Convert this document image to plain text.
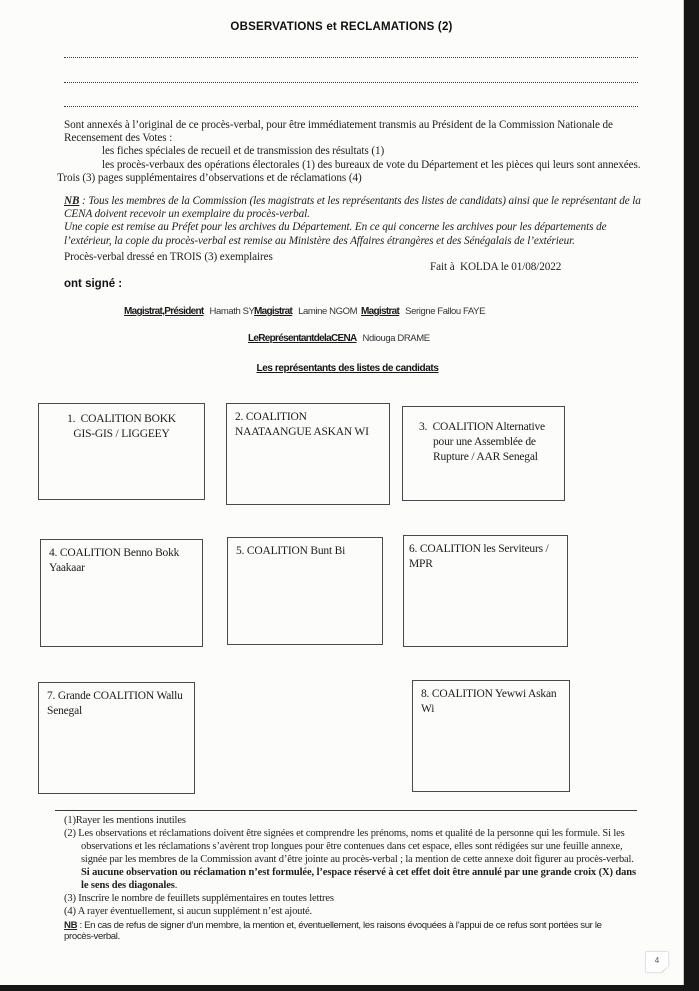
OBSERVATIONS et RECLAMATIONS (2)
Sont annexés à l’original de ce procès-verbal, pour être immédiatement transmis au Président de la Commission Nationale de Recensement des Votes :
les fiches spéciales de recueil et de transmission des résultats (1)
les procès-verbaux des opérations électorales (1) des bureaux de vote du Département et les pièces qui leurs sont annexées.
Trois (3) pages supplémentaires d’observations et de réclamations (4)
NB : Tous les membres de la Commission (les magistrats et les représentants des listes de candidats) ainsi que le représentant de la CENA doivent recevoir un exemplaire du procès-verbal.
Une copie est remise au Préfet pour les archives du Département. En ce qui concerne les archives pour les départements de l’extérieur, la copie du procès-verbal est remise au Ministère des Affaires étrangères et des Sénégalais de l’extérieur.
Procès-verbal dressé en TROIS (3) exemplaires
Fait à  KOLDA le 01/08/2022
ont signé :
Magistrat,Président Hamath SY Magistrat Lamine NGOM Magistrat Serigne Fallou FAYE
LeReprésentantdelaCENA Ndiouga DRAME
Les représentants des listes de candidats
1.  COALITION BOKK
GIS-GIS / LIGGEEY
2. COALITION
NAATAANGUE ASKAN WI	3.  COALITION Alternative
pour une Assemblée de
Rupture / AAR Senegal
4. COALITION Benno Bokk
Yaakaar
5. COALITION Bunt Bi	6. COALITION les Serviteurs /
MPR
7. Grande COALITION Wallu
Senegal
8. COALITION Yewwi Askan
Wi
(1)Rayer les mentions inutiles
(2) Les observations et réclamations doivent être signées et comprendre les prénoms, noms et qualité de la personne qui les formule. Si les observations et les réclamations s’avèrent trop longues pour être contenues dans cet espace, elles sont rédigées sur une feuille annexe, signée par les membres de la Commission avant d’être jointe au procès-verbal ; la mention de cette annexe doit figurer au procès-verbal. Si aucune observation ou réclamation n’est formulée, l’espace réservé à cet effet doit être annulé par une grande croix (X) dans le sens des diagonales.
(3) Inscrire le nombre de feuillets supplémentaires en toutes lettres
(4) A rayer éventuellement, si aucun supplément n’est ajouté.
NB : En cas de refus de signer d’un membre, la mention et, éventuellement, les raisons évoquées à l’appui de ce refus sont portées sur le procès-verbal.
4
